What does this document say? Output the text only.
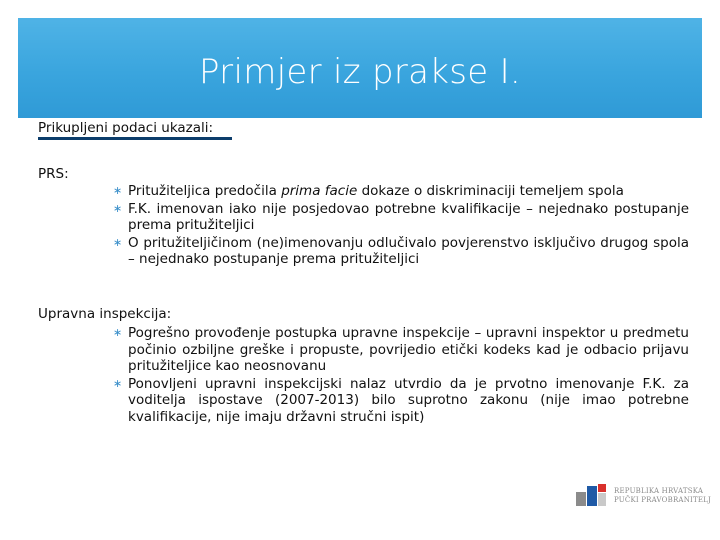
Primjer iz prakse I.
Prikupljeni podaci ukazali:
PRS:
∗ Pritužiteljica predočila prima facie dokaze o diskriminaciji temeljem spola
∗ F.K. imenovan iako nije posjedovao potrebne kvalifikacije – nejednako postupanje prema pritužiteljici
∗ O pritužiteljičinom (ne)imenovanju odlučivalo povjerenstvo isključivo drugog spola – nejednako postupanje prema pritužiteljici
Upravna inspekcija:
∗ Pogrešno provođenje postupka upravne inspekcije – upravni inspektor u predmetu počinio ozbiljne greške i propuste, povrijedio etički kodeks kad je odbacio prijavu pritužiteljice kao neosnovanu
∗ Ponovljeni upravni inspekcijski nalaz utvrdio da je prvotno imenovanje F.K. za voditelja ispostave (2007-2013) bilo suprotno zakonu (nije imao potrebne kvalifikacije, nije imaju državni stručni ispit)
REPUBLIKA HRVATSKA
PUČKI PRAVOBRANITELJ
